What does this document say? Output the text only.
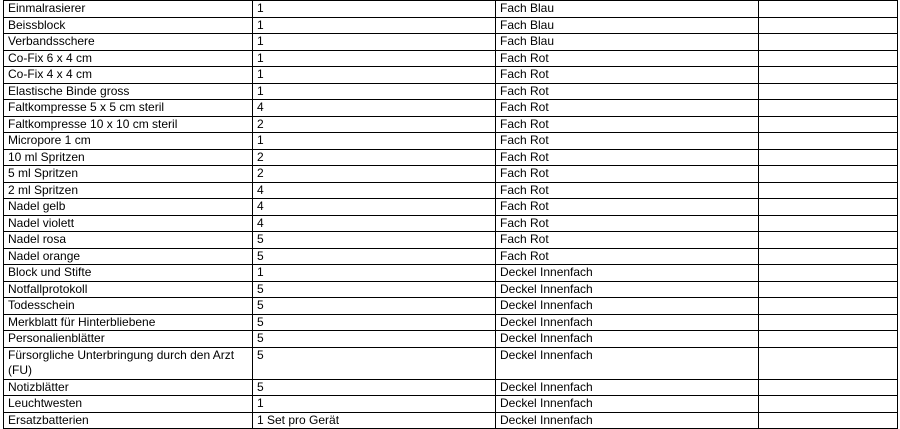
Einmalrasierer	1	Fach Blau	
Beissblock	1	Fach Blau	
Verbandsschere	1	Fach Blau	
Co-Fix 6 x 4 cm	1	Fach Rot	
Co-Fix 4 x 4 cm	1	Fach Rot	
Elastische Binde gross	1	Fach Rot	
Faltkompresse 5 x 5 cm steril	4	Fach Rot	
Faltkompresse 10 x 10 cm steril	2	Fach Rot	
Micropore 1 cm	1	Fach Rot	
10 ml Spritzen	2	Fach Rot	
5 ml Spritzen	2	Fach Rot	
2 ml Spritzen	4	Fach Rot	
Nadel gelb	4	Fach Rot	
Nadel violett	4	Fach Rot	
Nadel rosa	5	Fach Rot	
Nadel orange	5	Fach Rot	
Block und Stifte	1	Deckel Innenfach	
Notfallprotokoll	5	Deckel Innenfach	
Todesschein	5	Deckel Innenfach	
Merkblatt für Hinterbliebene	5	Deckel Innenfach	
Personalienblätter	5	Deckel Innenfach	
Fürsorgliche Unterbringung durch den Arzt (FU)	5	Deckel Innenfach	
Notizblätter	5	Deckel Innenfach	
Leuchtwesten	1	Deckel Innenfach	
Ersatzbatterien	1 Set pro Gerät	Deckel Innenfach	
